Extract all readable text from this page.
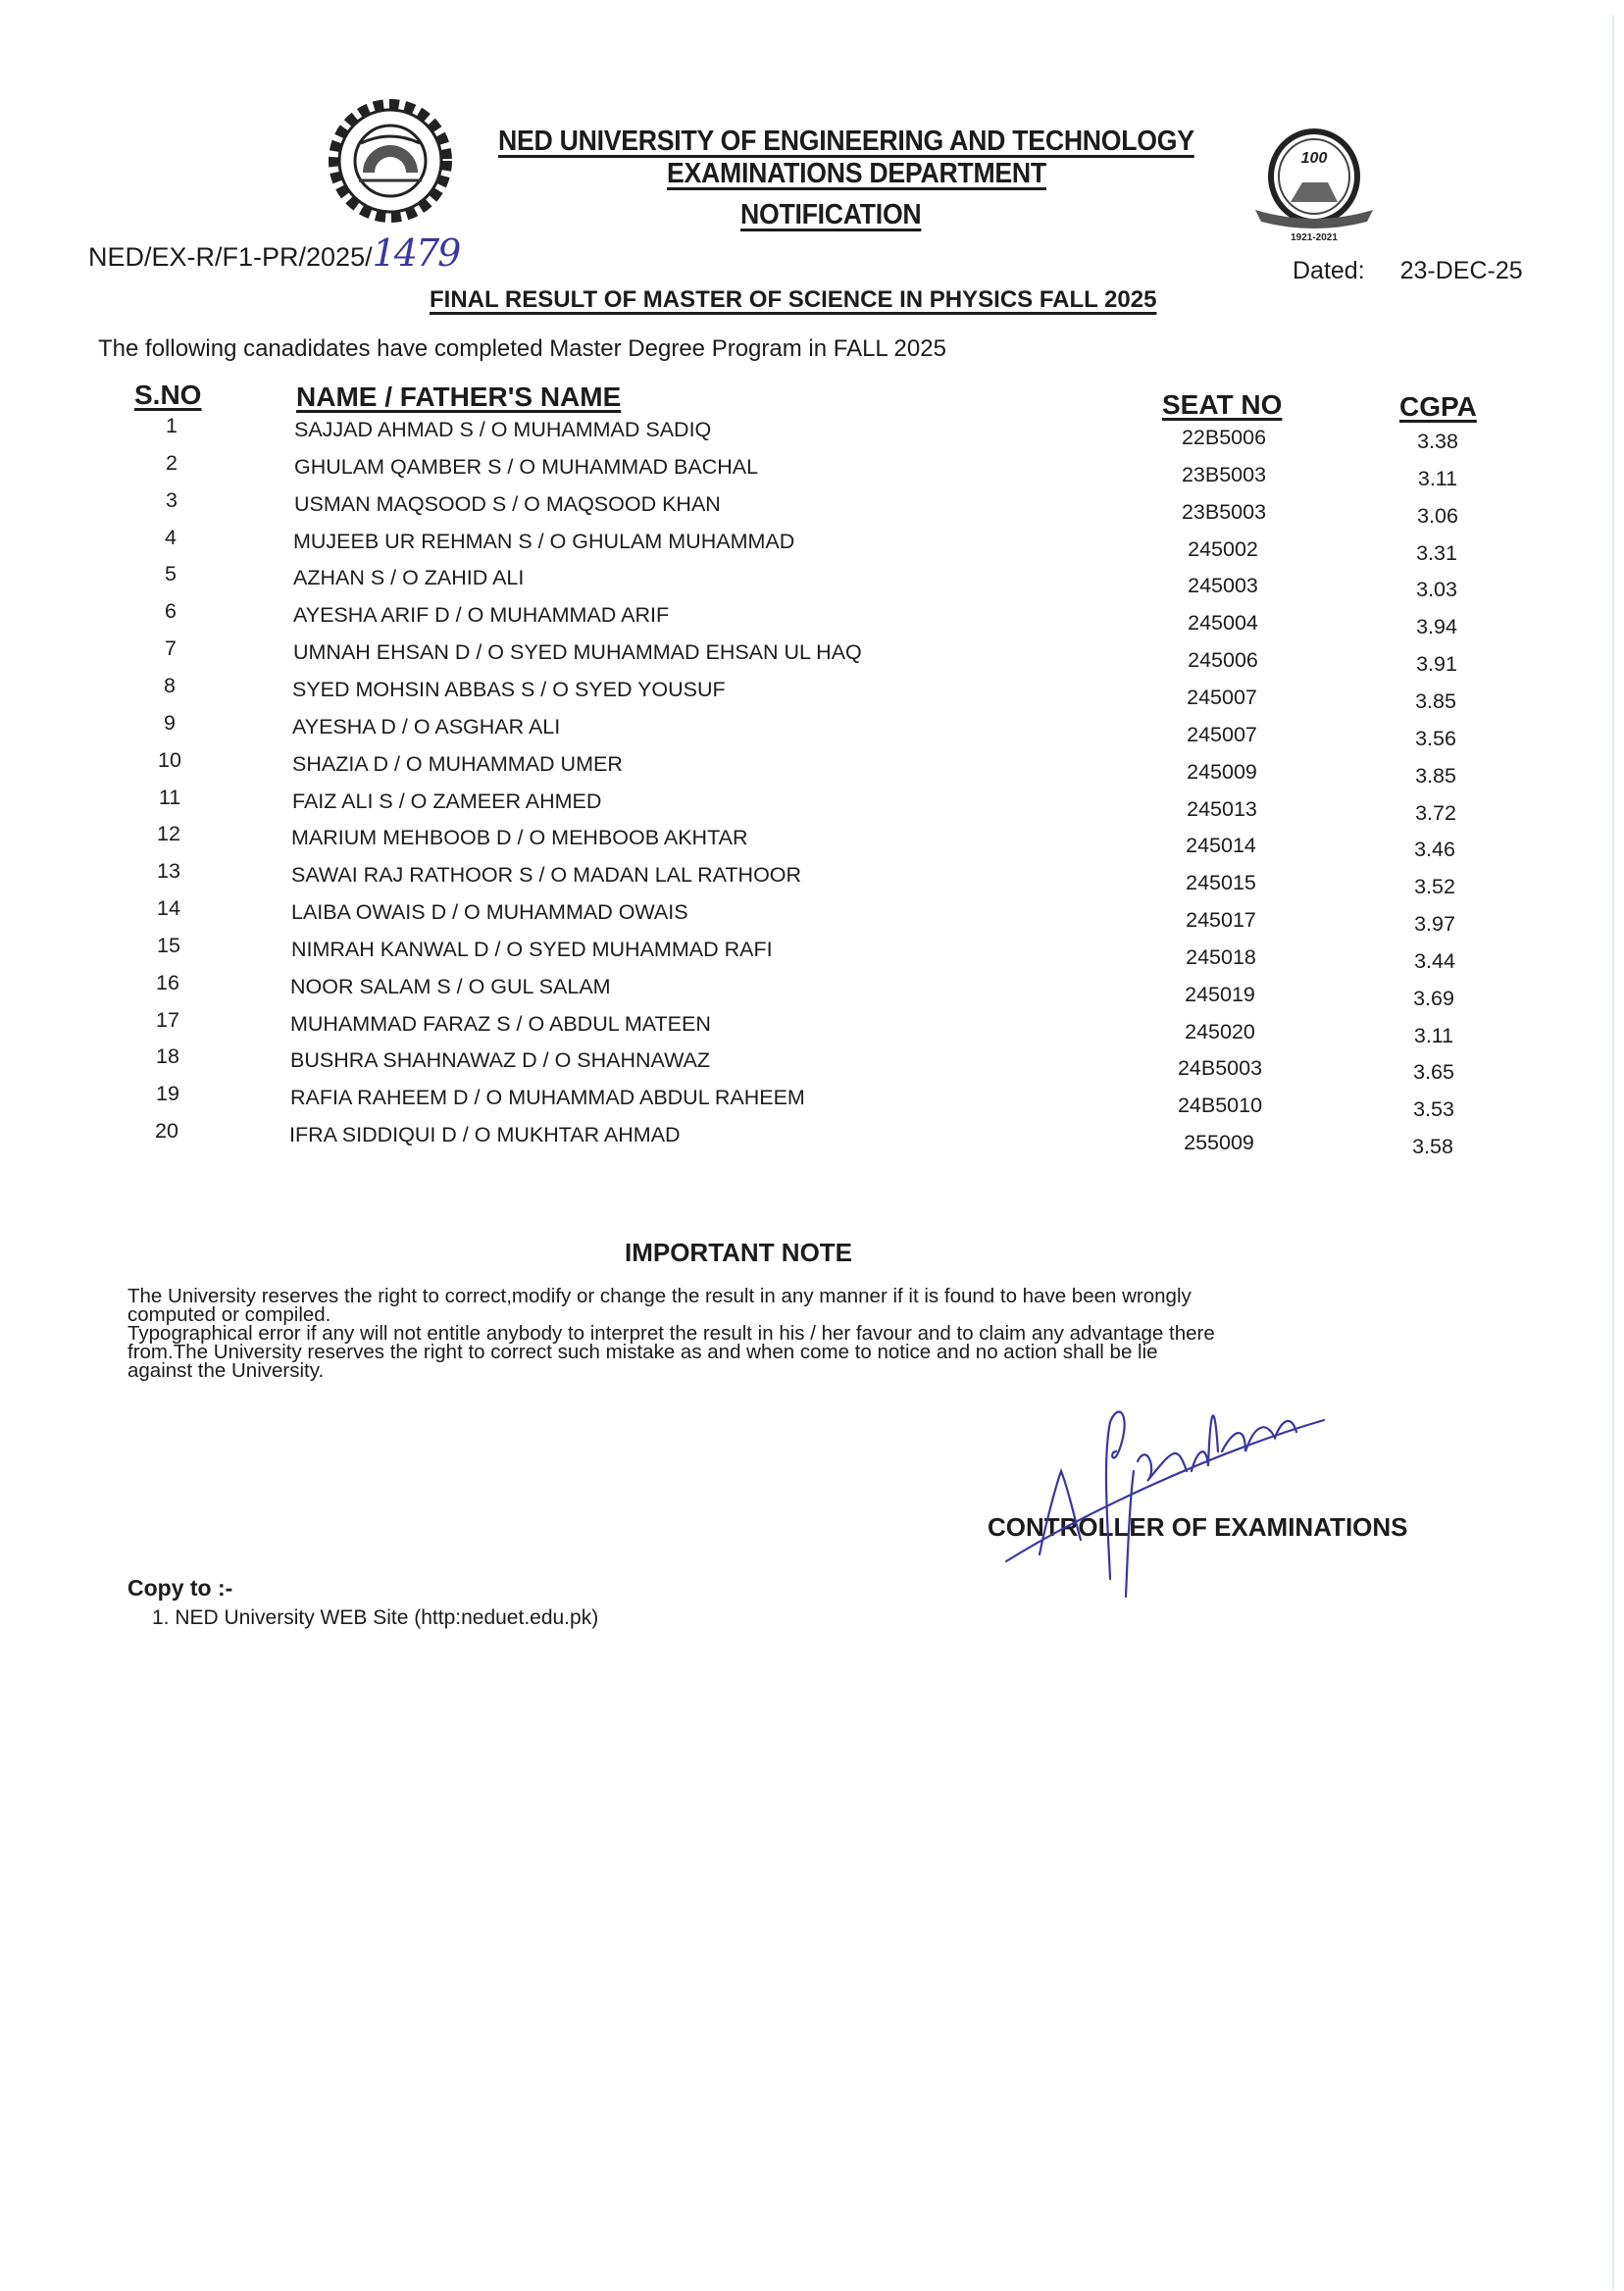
100
1921-2021
NED UNIVERSITY OF ENGINEERING AND TECHNOLOGY
EXAMINATIONS DEPARTMENT
NOTIFICATION
NED/EX-R/F1-PR/2025/1479	Dated: 23-DEC-25
FINAL RESULT OF MASTER OF SCIENCE IN PHYSICS FALL 2025
The following canadidates have completed Master Degree Program in FALL 2025
S.NO	NAME / FATHER'S NAME	SEAT NO	CGPA
1	SAJJAD AHMAD S / O MUHAMMAD SADIQ	22B5006	3.38
2	GHULAM QAMBER S / O MUHAMMAD BACHAL	23B5003	3.11
3	USMAN MAQSOOD S / O MAQSOOD KHAN	23B5003	3.06
4	MUJEEB UR REHMAN S / O GHULAM MUHAMMAD	245002	3.31
5	AZHAN S / O ZAHID ALI	245003	3.03
6	AYESHA ARIF D / O MUHAMMAD ARIF	245004	3.94
7	UMNAH EHSAN D / O SYED MUHAMMAD EHSAN UL HAQ	245006	3.91
8	SYED MOHSIN ABBAS S / O SYED YOUSUF	245007	3.85
9	AYESHA D / O ASGHAR ALI	245007	3.56
10	SHAZIA D / O MUHAMMAD UMER	245009	3.85
11	FAIZ ALI S / O ZAMEER AHMED	245013	3.72
12	MARIUM MEHBOOB D / O MEHBOOB AKHTAR	245014	3.46
13	SAWAI RAJ RATHOOR S / O MADAN LAL RATHOOR	245015	3.52
14	LAIBA OWAIS D / O MUHAMMAD OWAIS	245017	3.97
15	NIMRAH KANWAL D / O SYED MUHAMMAD RAFI	245018	3.44
16	NOOR SALAM S / O GUL SALAM	245019	3.69
17	MUHAMMAD FARAZ S / O ABDUL MATEEN	245020	3.11
18	BUSHRA SHAHNAWAZ D / O SHAHNAWAZ	24B5003	3.65
19	RAFIA RAHEEM D / O MUHAMMAD ABDUL RAHEEM	24B5010	3.53
20	IFRA SIDDIQUI D / O MUKHTAR AHMAD	255009	3.58
IMPORTANT NOTE
The University reserves the right to correct,modify or change the result in any manner if it is found to have been wrongly
computed or compiled.
Typographical error if any will not entitle anybody to interpret the result in his / her favour and to claim any advantage there
from.The University reserves the right to correct such mistake as and when come to notice and no action shall be lie
against the University.
CONTROLLER OF EXAMINATIONS
Copy to :-
1. NED University WEB Site (http:neduet.edu.pk)
